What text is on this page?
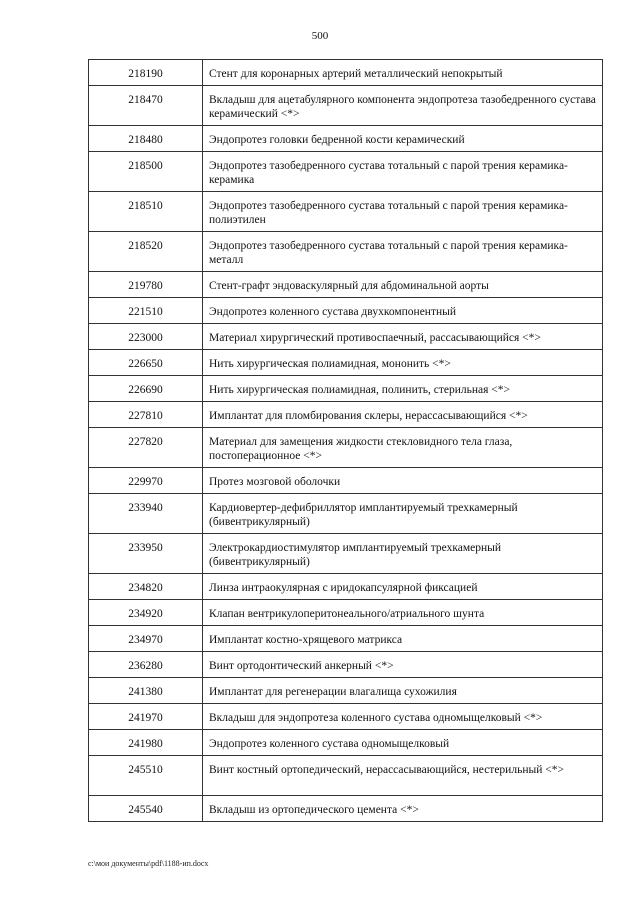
500
218190	Стент для коронарных артерий металлический непокрытый
218470	Вкладыш для ацетабулярного компонента эндопротеза тазобедренного сустава керамический <*>
218480	Эндопротез головки бедренной кости керамический
218500	Эндопротез тазобедренного сустава тотальный с парой трения керамика-керамика
218510	Эндопротез тазобедренного сустава тотальный с парой трения керамика-полиэтилен
218520	Эндопротез тазобедренного сустава тотальный с парой трения керамика-металл
219780	Стент-графт эндоваскулярный для абдоминальной аорты
221510	Эндопротез коленного сустава двухкомпонентный
223000	Материал хирургический противоспаечный, рассасывающийся <*>
226650	Нить хирургическая полиамидная, мононить <*>
226690	Нить хирургическая полиамидная, полинить, стерильная <*>
227810	Имплантат для пломбирования склеры, нерассасывающийся <*>
227820	Материал для замещения жидкости стекловидного тела глаза, постоперационное <*>
229970	Протез мозговой оболочки
233940	Кардиовертер-дефибриллятор имплантируемый трехкамерный (бивентрикулярный)
233950	Электрокардиостимулятор имплантируемый трехкамерный (бивентрикулярный)
234820	Линза интраокулярная с иридокапсулярной фиксацией
234920	Клапан вентрикулоперитонеального/атриального шунта
234970	Имплантат костно-хрящевого матрикса
236280	Винт ортодонтический анкерный <*>
241380	Имплантат для регенерации влагалища сухожилия
241970	Вкладыш для эндопротеза коленного сустава одномыщелковый <*>
241980	Эндопротез коленного сустава одномыщелковый
245510	Винт костный ортопедический, нерассасывающийся, нестерильный <*>
245540	Вкладыш из ортопедического цемента <*>
c:\мои документы\pdf\1188-ип.docx
